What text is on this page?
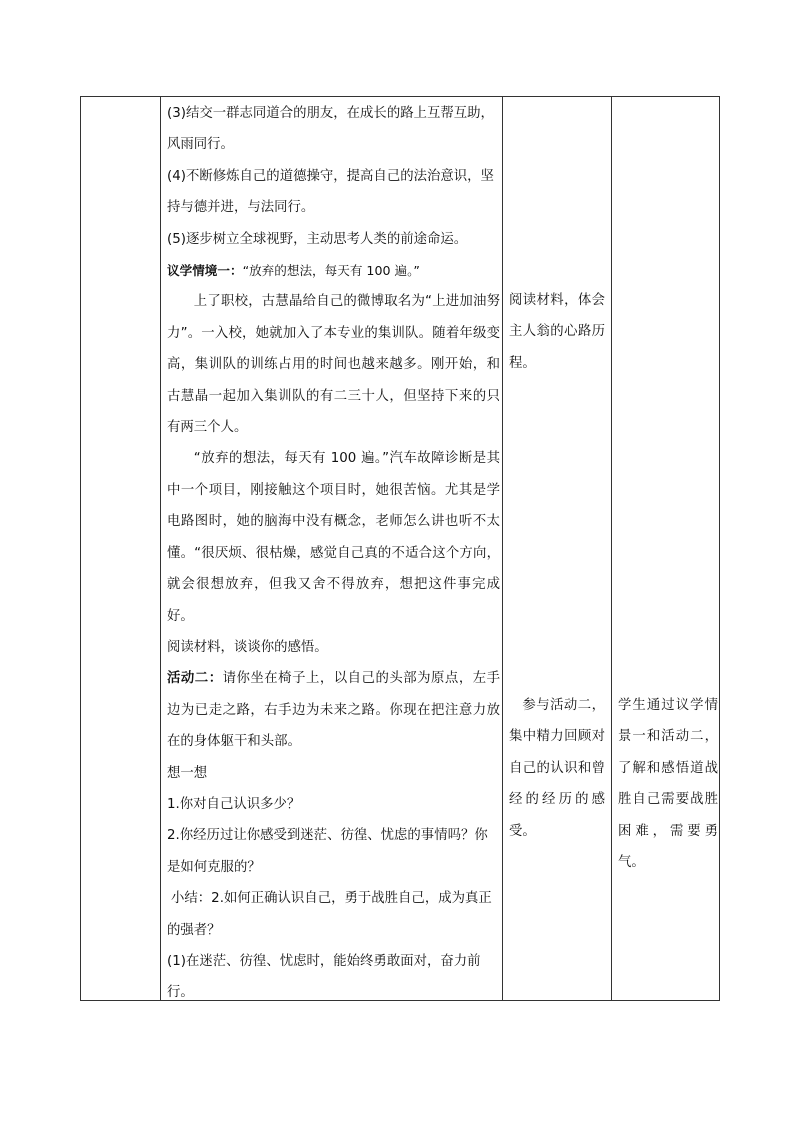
(3)结交一群志同道合的朋友，在成长的路上互帮互助，风雨同行。

(4)不断修炼自己的道德操守，提高自己的法治意识，坚持与德并进，与法同行。

(5)逐步树立全球视野，主动思考人类的前途命运。

议学情境一：“放弃的想法，每天有 100 遍。”

上了职校，古慧晶给自己的微博取名为“上进加油努力”。一入校，她就加入了本专业的集训队。随着年级变高，集训队的训练占用的时间也越来越多。刚开始，和古慧晶一起加入集训队的有二三十人，但坚持下来的只有两三个人。

“放弃的想法，每天有 100 遍。”汽车故障诊断是其中一个项目，刚接触这个项目时，她很苦恼。尤其是学电路图时，她的脑海中没有概念，老师怎么讲也听不太懂。“很厌烦、很枯燥，感觉自己真的不适合这个方向，就会很想放弃，但我又舍不得放弃，想把这件事完成好。

阅读材料，谈谈你的感悟。

活动二：请你坐在椅子上，以自己的头部为原点，左手边为已走之路，右手边为未来之路。你现在把注意力放在的身体躯干和头部。

想一想

1.你对自己认识多少？

2.你经历过让你感受到迷茫、彷徨、忧虑的事情吗？你是如何克服的？

小结：2.如何正确认识自己，勇于战胜自己，成为真正的强者？

(1)在迷茫、彷徨、忧虑时，能始终勇敢面对，奋力前行。

阅读材料，体会主人翁的心路历程。

参与活动二，集中精力回顾对自己的认识和曾经的经历的感受。

学生通过议学情景一和活动二，了解和感悟道战胜自己需要战胜困难，需要勇气。
